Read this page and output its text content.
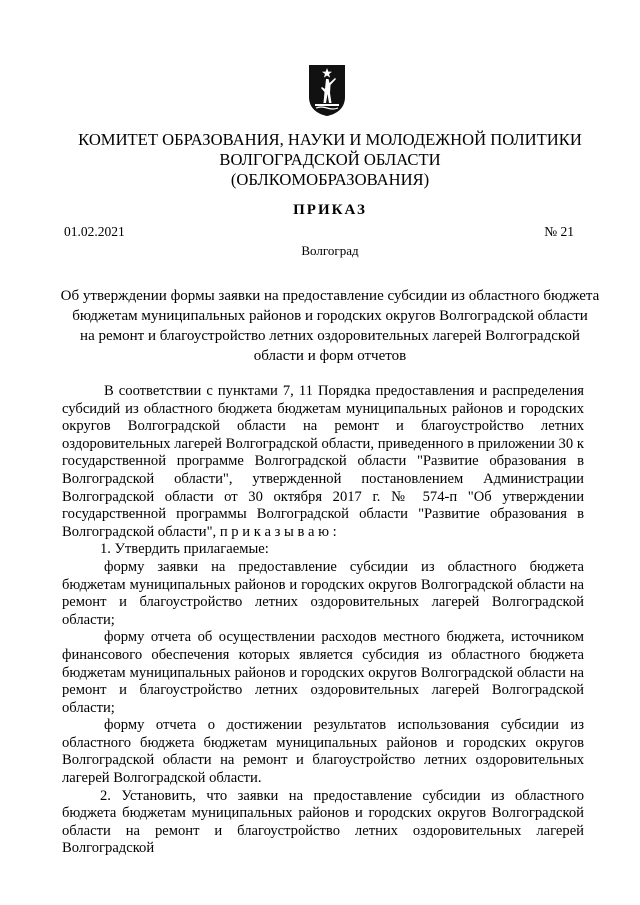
КОМИТЕТ ОБРАЗОВАНИЯ, НАУКИ И МОЛОДЕЖНОЙ ПОЛИТИКИ
ВОЛГОГРАДСКОЙ ОБЛАСТИ
(ОБЛКОМОБРАЗОВАНИЯ)
ПРИКАЗ
01.02.2021	№ 21
Волгоград
Об утверждении формы заявки на предоставление субсидии из областного бюджета
бюджетам муниципальных районов и городских округов Волгоградской области
на ремонт и благоустройство летних оздоровительных лагерей Волгоградской
области и форм отчетов

В соответствии с пунктами 7, 11 Порядка предоставления и распределения субсидий из областного бюджета бюджетам муниципальных районов и городских округов Волгоградской области на ремонт и благоустройство летних оздоровительных лагерей Волгоградской области, приведенного в приложении 30 к государственной программе Волгоградской области "Развитие образования в Волгоградской области", утвержденной постановлением Администрации Волгоградской области от 30 октября 2017 г. № 574-п "Об утверждении государственной программы Волгоградской области "Развитие образования в Волгоградской области", п р и к а з ы в а ю :

1. Утвердить прилагаемые:

форму заявки на предоставление субсидии из областного бюджета бюджетам муниципальных районов и городских округов Волгоградской области на ремонт и благоустройство летних оздоровительных лагерей Волгоградской области;

форму отчета об осуществлении расходов местного бюджета, источником финансового обеспечения которых является субсидия из областного бюджета бюджетам муниципальных районов и городских округов Волгоградской области на ремонт и благоустройство летних оздоровительных лагерей Волгоградской области;

форму отчета о достижении результатов использования субсидии из областного бюджета бюджетам муниципальных районов и городских округов Волгоградской области на ремонт и благоустройство летних оздоровительных лагерей Волгоградской области.

2. Установить, что заявки на предоставление субсидии из областного бюджета бюджетам муниципальных районов и городских округов Волгоградской области на ремонт и благоустройство летних оздоровительных лагерей Волгоградской
